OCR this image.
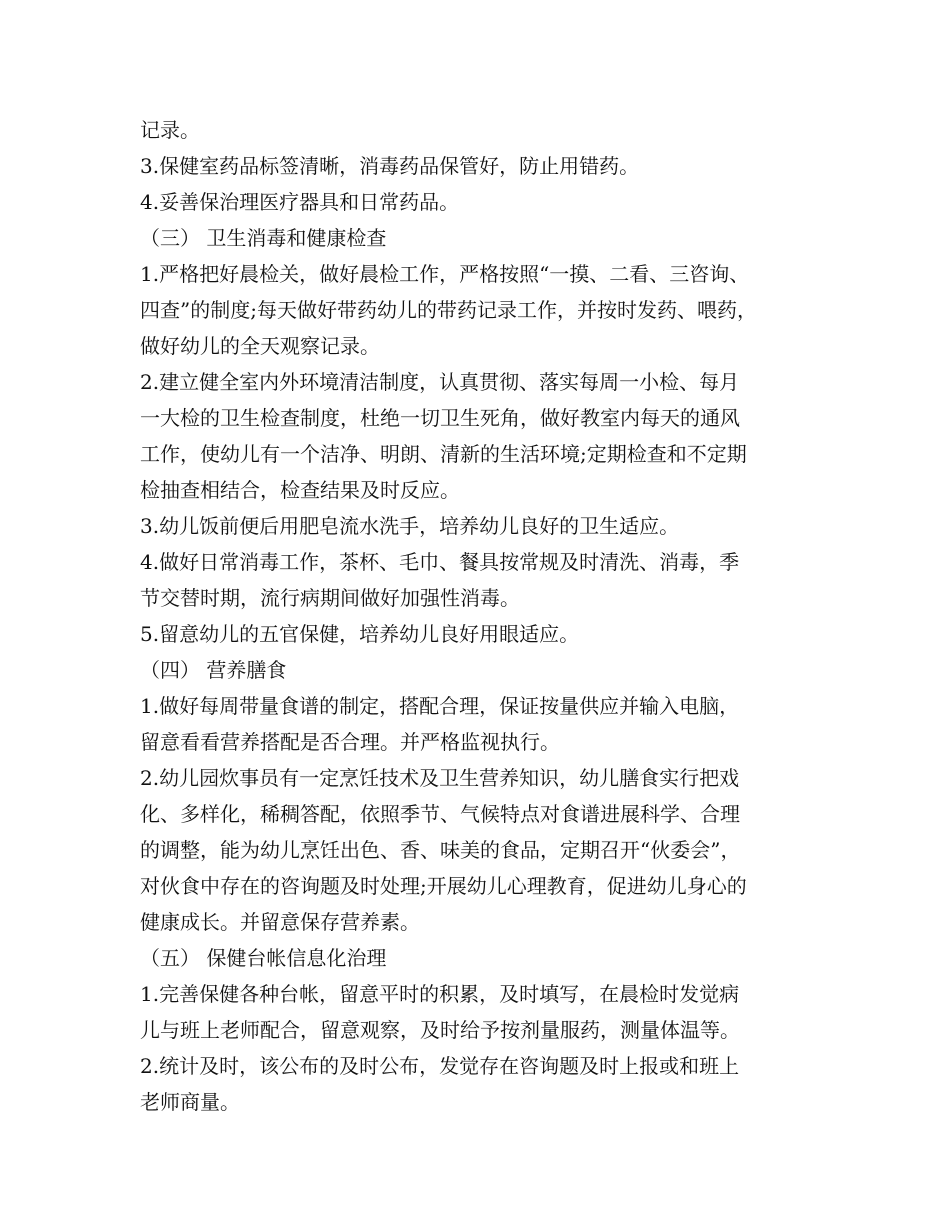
记录。
3.保健室药品标签清晰，消毒药品保管好，防止用错药。
4.妥善保治理医疗器具和日常药品。
（三） 卫生消毒和健康检查
1.严格把好晨检关，做好晨检工作，严格按照“一摸、二看、三咨询、
四查”的制度;每天做好带药幼儿的带药记录工作，并按时发药、喂药，
做好幼儿的全天观察记录。
2.建立健全室内外环境清洁制度，认真贯彻、落实每周一小检、每月
一大检的卫生检查制度，杜绝一切卫生死角，做好教室内每天的通风
工作，使幼儿有一个洁净、明朗、清新的生活环境;定期检查和不定期
检抽查相结合，检查结果及时反应。
3.幼儿饭前便后用肥皂流水洗手，培养幼儿良好的卫生适应。
4.做好日常消毒工作，茶杯、毛巾、餐具按常规及时清洗、消毒，季
节交替时期，流行病期间做好加强性消毒。
5.留意幼儿的五官保健，培养幼儿良好用眼适应。
（四） 营养膳食
1.做好每周带量食谱的制定，搭配合理，保证按量供应并输入电脑，
留意看看营养搭配是否合理。并严格监视执行。
2.幼儿园炊事员有一定烹饪技术及卫生营养知识，幼儿膳食实行把戏
化、多样化，稀稠答配，依照季节、气候特点对食谱进展科学、合理
的调整，能为幼儿烹饪出色、香、味美的食品，定期召开“伙委会”，
对伙食中存在的咨询题及时处理;开展幼儿心理教育，促进幼儿身心的
健康成长。并留意保存营养素。
（五） 保健台帐信息化治理
1.完善保健各种台帐，留意平时的积累，及时填写，在晨检时发觉病
儿与班上老师配合，留意观察，及时给予按剂量服药，测量体温等。
2.统计及时，该公布的及时公布，发觉存在咨询题及时上报或和班上
老师商量。
